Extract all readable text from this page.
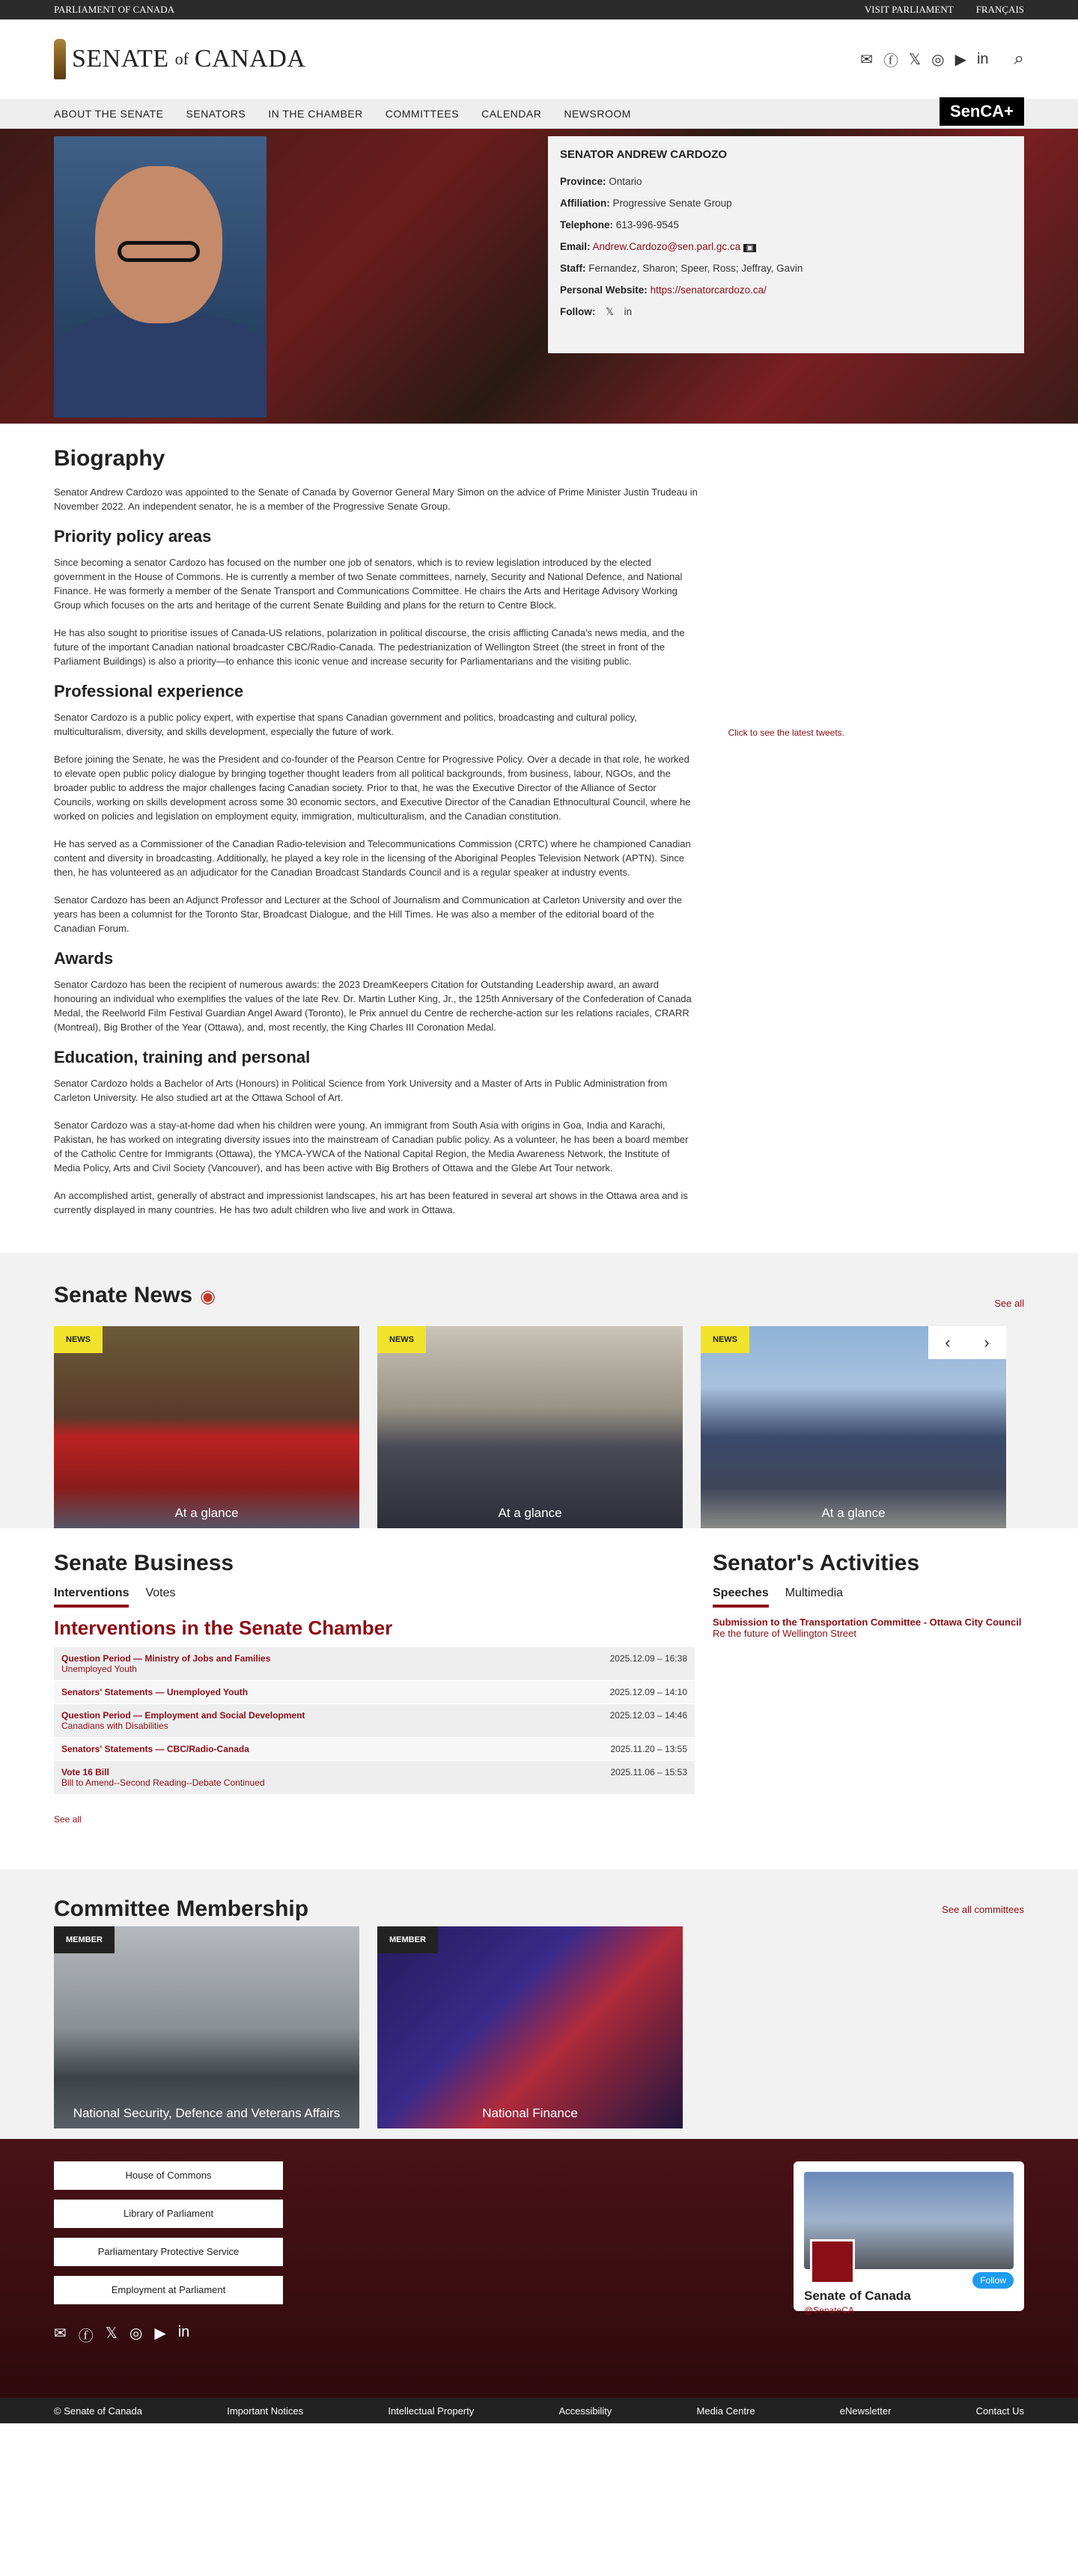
PARLIAMENT OF CANADA	VISIT PARLIAMENT FRANÇAIS
SENATE of CANADA	✉ ⓕ 𝕏 ◎ ▶ in ⌕
ABOUT THE SENATE SENATORS IN THE CHAMBER COMMITTEES CALENDAR NEWSROOM	SenCA+
SENATOR ANDREW CARDOZO

Province: Ontario

Affiliation: Progressive Senate Group

Telephone: 613-996-9545

Email: Andrew.Cardozo@sen.parl.gc.ca ▣

Staff: Fernandez, Sharon; Speer, Ross; Jeffray, Gavin

Personal Website: https://senatorcardozo.ca/

Follow: 𝕏 in

Click to see the latest tweets.
Biography

Senator Andrew Cardozo was appointed to the Senate of Canada by Governor General Mary Simon on the advice of Prime Minister Justin Trudeau in November 2022. An independent senator, he is a member of the Progressive Senate Group.

Priority policy areas

Since becoming a senator Cardozo has focused on the number one job of senators, which is to review legislation introduced by the elected government in the House of Commons. He is currently a member of two Senate committees, namely, Security and National Defence, and National Finance. He was formerly a member of the Senate Transport and Communications Committee. He chairs the Arts and Heritage Advisory Working Group which focuses on the arts and heritage of the current Senate Building and plans for the return to Centre Block.

He has also sought to prioritise issues of Canada-US relations, polarization in political discourse, the crisis afflicting Canada's news media, and the future of the important Canadian national broadcaster CBC/Radio-Canada. The pedestrianization of Wellington Street (the street in front of the Parliament Buildings) is also a priority—to enhance this iconic venue and increase security for Parliamentarians and the visiting public.

Professional experience

Senator Cardozo is a public policy expert, with expertise that spans Canadian government and politics, broadcasting and cultural policy, multiculturalism, diversity, and skills development, especially the future of work.

Before joining the Senate, he was the President and co-founder of the Pearson Centre for Progressive Policy. Over a decade in that role, he worked to elevate open public policy dialogue by bringing together thought leaders from all political backgrounds, from business, labour, NGOs, and the broader public to address the major challenges facing Canadian society. Prior to that, he was the Executive Director of the Alliance of Sector Councils, working on skills development across some 30 economic sectors, and Executive Director of the Canadian Ethnocultural Council, where he worked on policies and legislation on employment equity, immigration, multiculturalism, and the Canadian constitution.

He has served as a Commissioner of the Canadian Radio-television and Telecommunications Commission (CRTC) where he championed Canadian content and diversity in broadcasting. Additionally, he played a key role in the licensing of the Aboriginal Peoples Television Network (APTN). Since then, he has volunteered as an adjudicator for the Canadian Broadcast Standards Council and is a regular speaker at industry events.

Senator Cardozo has been an Adjunct Professor and Lecturer at the School of Journalism and Communication at Carleton University and over the years has been a columnist for the Toronto Star, Broadcast Dialogue, and the Hill Times. He was also a member of the editorial board of the Canadian Forum.

Awards

Senator Cardozo has been the recipient of numerous awards: the 2023 DreamKeepers Citation for Outstanding Leadership award, an award honouring an individual who exemplifies the values of the late Rev. Dr. Martin Luther King, Jr., the 125th Anniversary of the Confederation of Canada Medal, the Reelworld Film Festival Guardian Angel Award (Toronto), le Prix annuel du Centre de recherche-action sur les relations raciales, CRARR (Montreal), Big Brother of the Year (Ottawa), and, most recently, the King Charles III Coronation Medal.

Education, training and personal

Senator Cardozo holds a Bachelor of Arts (Honours) in Political Science from York University and a Master of Arts in Public Administration from Carleton University. He also studied art at the Ottawa School of Art.

Senator Cardozo was a stay-at-home dad when his children were young. An immigrant from South Asia with origins in Goa, India and Karachi, Pakistan, he has worked on integrating diversity issues into the mainstream of Canadian public policy. As a volunteer, he has been a board member of the Catholic Centre for Immigrants (Ottawa), the YMCA-YWCA of the National Capital Region, the Media Awareness Network, the Institute of Media Policy, Arts and Civil Society (Vancouver), and has been active with Big Brothers of Ottawa and the Glebe Art Tour network.

An accomplished artist, generally of abstract and impressionist landscapes, his art has been featured in several art shows in the Ottawa area and is currently displayed in many countries. He has two adult children who live and work in Ottawa.

Senate News ◉	See all
NEWS
At a glance
NEWS
At a glance
NEWS
At a glance
‹	›
Senate Business
Interventions Votes
Interventions in the Senate Chamber
Question Period — Ministry of Jobs and Families
Unemployed Youth
2025.12.09 – 16:38
Senators' Statements — Unemployed Youth	2025.12.09 – 14:10
Question Period — Employment and Social Development
Canadians with Disabilities
2025.12.03 – 14:46
Senators' Statements — CBC/Radio-Canada	2025.11.20 – 13:55
Vote 16 Bill
Bill to Amend--Second Reading--Debate Continued
2025.11.06 – 15:53
See all
Senator's Activities
Speeches Multimedia
Submission to the Transportation Committee - Ottawa City Council
Re the future of Wellington Street
Committee Membership	See all committees
MEMBER
National Security, Defence and Veterans Affairs
MEMBER
National Finance
House of Commons
Library of Parliament
Parliamentary Protective Service
Employment at Parliament
✉ ⓕ 𝕏 ◎ ▶ in
Follow
Senate of Canada
@SenateCA
© Senate of Canada	Important Notices	Intellectual Property	Accessibility	Media Centre	eNewsletter	Contact Us
